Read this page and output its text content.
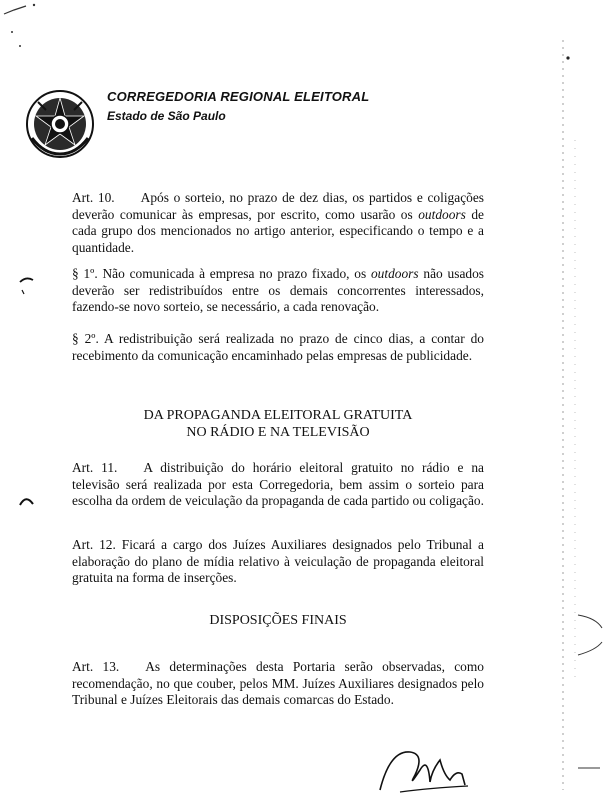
CORREGEDORIA REGIONAL ELEITORAL
Estado de São Paulo
Art. 10. Após o sorteio, no prazo de dez dias, os partidos e coligações deverão comunicar às empresas, por escrito, como usarão os outdoors de cada grupo dos mencionados no artigo anterior, especificando o tempo e a quantidade.
§ 1º. Não comunicada à empresa no prazo fixado, os outdoors não usados deverão ser redistribuídos entre os demais concorrentes interessados, fazendo-se novo sorteio, se necessário, a cada renovação.
§ 2º. A redistribuição será realizada no prazo de cinco dias, a contar do recebimento da comunicação encaminhado pelas empresas de publicidade.
DA PROPAGANDA ELEITORAL GRATUITA
NO RÁDIO E NA TELEVISÃO
Art. 11. A distribuição do horário eleitoral gratuito no rádio e na televisão será realizada por esta Corregedoria, bem assim o sorteio para escolha da ordem de veiculação da propaganda de cada partido ou coligação.
Art. 12. Ficará a cargo dos Juízes Auxiliares designados pelo Tribunal a elaboração do plano de mídia relativo à veiculação de propaganda eleitoral gratuita na forma de inserções.
DISPOSIÇÕES FINAIS
Art. 13. As determinações desta Portaria serão observadas, como recomendação, no que couber, pelos MM. Juízes Auxiliares designados pelo Tribunal e Juízes Eleitorais das demais comarcas do Estado.
